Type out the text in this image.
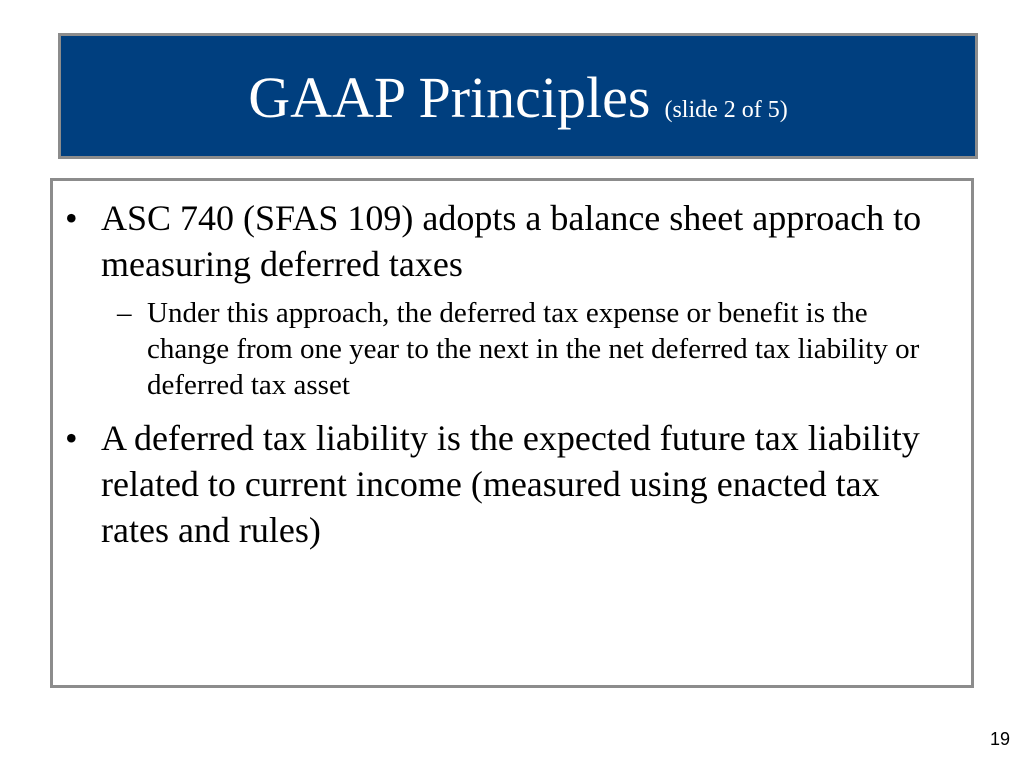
GAAP Principles (slide 2 of 5)
• ASC 740 (SFAS 109) adopts a balance sheet approach to measuring deferred taxes
– Under this approach, the deferred tax expense or benefit is the change from one year to the next in the net deferred tax liability or deferred tax asset
• A deferred tax liability is the expected future tax liability related to current income (measured using enacted tax rates and rules)
19
